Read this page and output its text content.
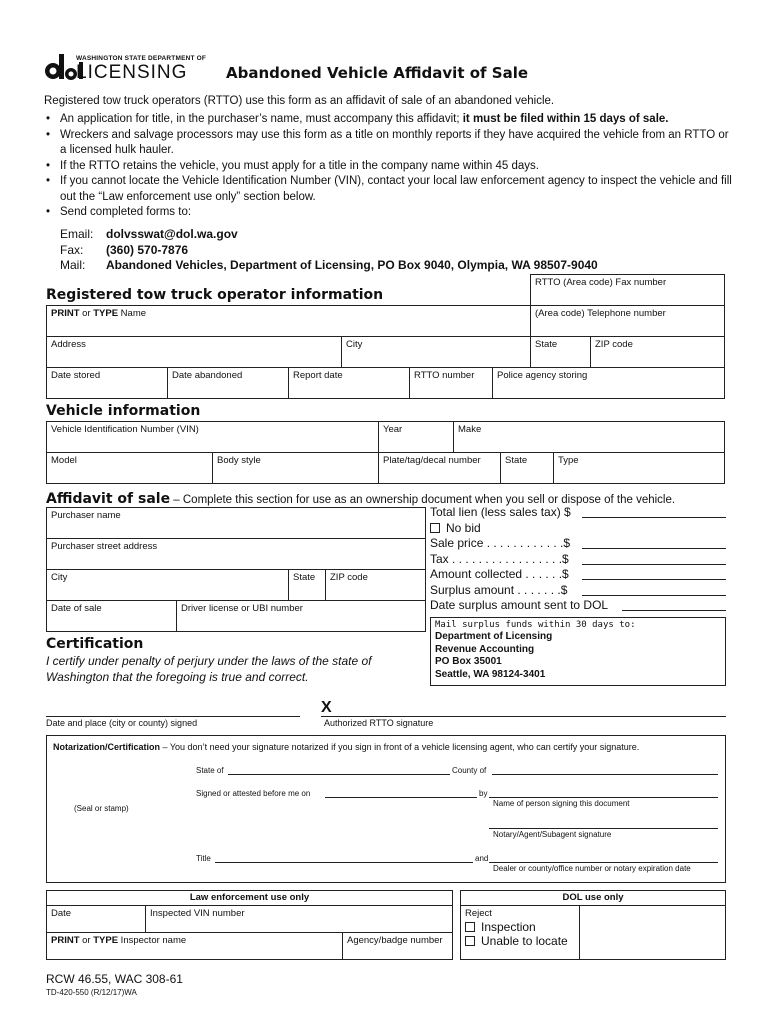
WASHINGTON STATE DEPARTMENT OF
LICENSING	Abandoned Vehicle Affidavit of Sale
Registered tow truck operators (RTTO) use this form as an affidavit of sale of an abandoned vehicle.
• An application for title, in the purchaser’s name, must accompany this affidavit; it must be filed within 15 days of sale.
• Wreckers and salvage processors may use this form as a title on monthly reports if they have acquired the vehicle from an RTTO or a licensed hulk hauler.
• If the RTTO retains the vehicle, you must apply for a title in the company name within 45 days.
• If you cannot locate the Vehicle Identification Number (VIN), contact your local law enforcement agency to inspect the vehicle and fill out the “Law enforcement use only” section below.
• Send completed forms to:
Email: dolvsswat@dol.wa.gov
Fax: (360) 570-7876
Mail: Abandoned Vehicles, Department of Licensing, PO Box 9040, Olympia, WA 98507-9040
Registered tow truck operator information
RTTO (Area code) Fax number
PRINT or TYPE Name	(Area code) Telephone number
Address	City	State	ZIP code
Date stored	Date abandoned	Report date	RTTO number	Police agency storing
Vehicle information
Vehicle Identification Number (VIN)	Year	Make
Model	Body style	Plate/tag/decal number	State	Type
Affidavit of sale – Complete this section for use as an ownership document when you sell or dispose of the vehicle.
Purchaser name
Purchaser street address
City	State	ZIP code
Date of sale	Driver license or UBI number
Total lien (less sales tax) $
No bid
Sale price . . . . . . . . . . . .$
Tax . . . . . . . . . . . . . . . . .$
Amount collected . . . . . .$
Surplus amount . . . . . . .$
Date surplus amount sent to DOL
Mail surplus funds within 30 days to:
Department of Licensing
Revenue Accounting
PO Box 35001
Seattle, WA 98124-3401
Certification
I certify under penalty of perjury under the laws of the state of
Washington that the foregoing is true and correct.
Date and place (city or county) signed
X
Authorized RTTO signature
Notarization/Certification – You don’t need your signature notarized if you sign in front of a vehicle licensing agent, who can certify your signature.
State of	County of
Signed or attested before me on	by
Name of person signing this document
(Seal or stamp)
Notary/Agent/Subagent signature
Title	and
Dealer or county/office number or notary expiration date
Law enforcement use only
Date	Inspected VIN number
PRINT or TYPE Inspector name	Agency/badge number
DOL use only
Reject
Inspection
Unable to locate
RCW 46.55, WAC 308-61
TD-420-550 (R/12/17)WA
